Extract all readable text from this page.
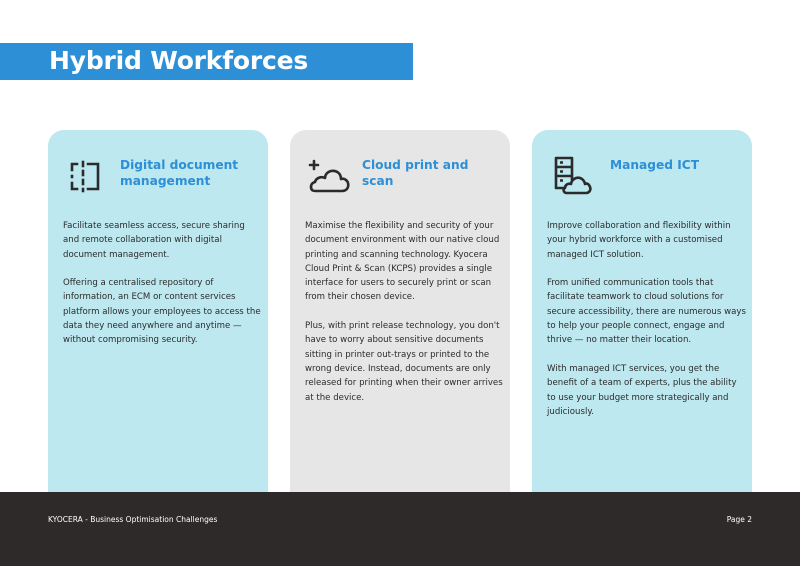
Hybrid Workforces
Digital document management

Facilitate seamless access, secure sharing and remote collaboration with digital document management.

Offering a centralised repository of information, an ECM or content services platform allows your employees to access the data they need anywhere and anytime — without compromising security.

Cloud print and scan

Maximise the flexibility and security of your document environment with our native cloud printing and scanning technology. Kyocera Cloud Print & Scan (KCPS) provides a single interface for users to securely print or scan from their chosen device.

Plus, with print release technology, you don't have to worry about sensitive documents sitting in printer out-trays or printed to the wrong device. Instead, documents are only released for printing when their owner arrives at the device.

Managed ICT

Improve collaboration and flexibility within your hybrid workforce with a customised managed ICT solution.

From unified communication tools that facilitate teamwork to cloud solutions for secure accessibility, there are numerous ways to help your people connect, engage and thrive — no matter their location.

With managed ICT services, you get the benefit of a team of experts, plus the ability to use your budget more strategically and judiciously.

KYOCERA - Business Optimisation Challenges	Page 2
